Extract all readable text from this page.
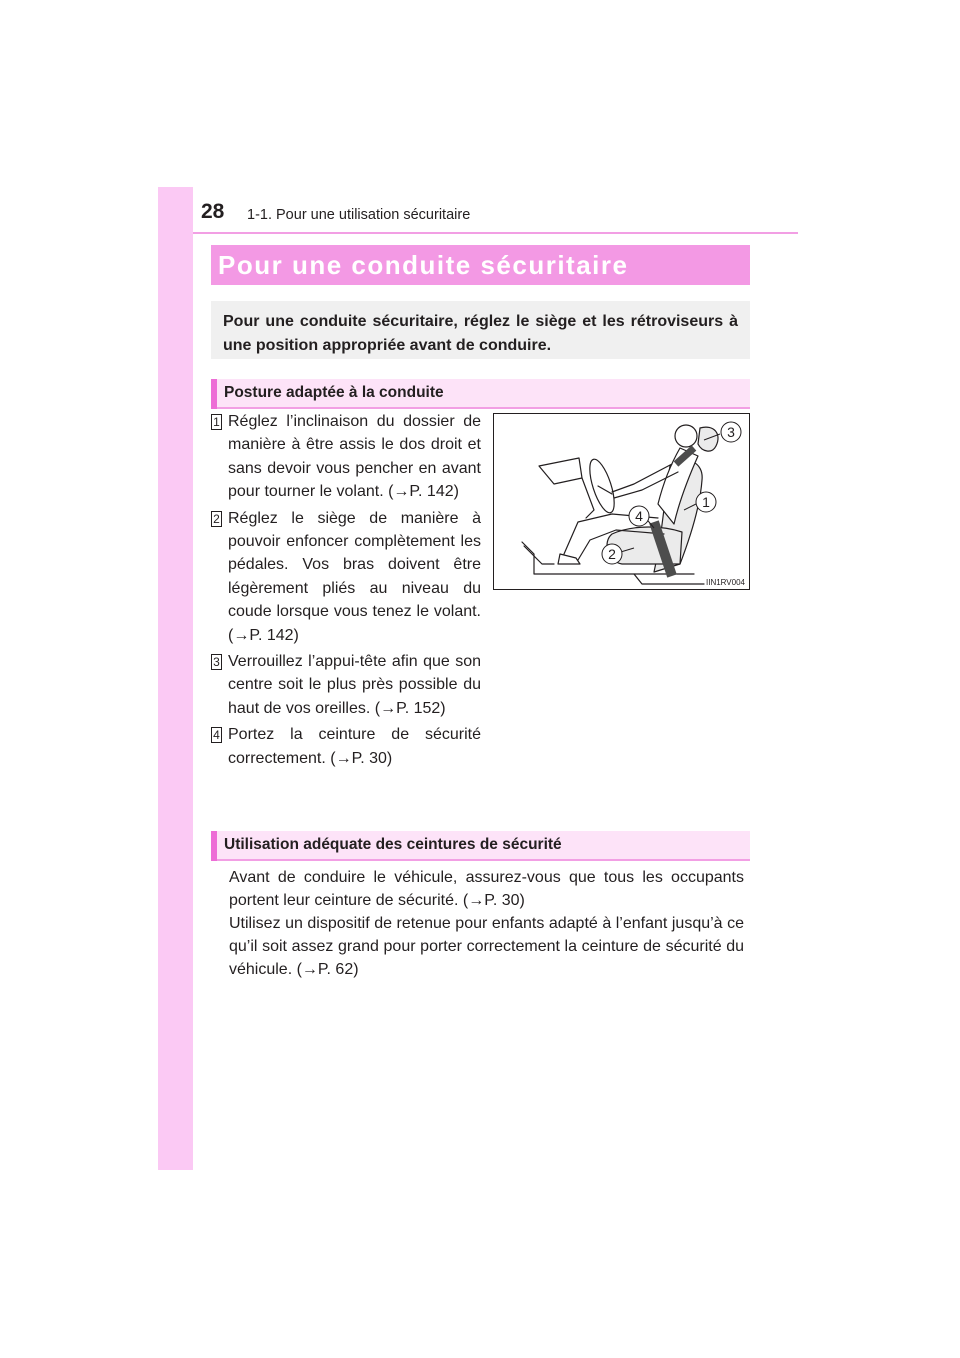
28 1-1. Pour une utilisation sécuritaire
Pour une conduite sécuritaire
Pour une conduite sécuritaire, réglez le siège et les rétroviseurs à une position appropriée avant de conduire.
Posture adaptée à la conduite
1 Réglez l’inclinaison du dossier de manière à être assis le dos droit et sans devoir vous pencher en avant pour tourner le volant. (→P. 142)
2 Réglez le siège de manière à pouvoir enfoncer complètement les pédales. Vos bras doivent être légèrement pliés au niveau du coude lorsque vous tenez le volant. (→P. 142)
3 Verrouillez l’appui-tête afin que son centre soit le plus près possible du haut de vos oreilles. (→P. 152)
4 Portez la ceinture de sécurité correctement. (→P. 30)
3
1
4
2
IIN1RV004
Utilisation adéquate des ceintures de sécurité

Avant de conduire le véhicule, assurez-vous que tous les occupants portent leur ceinture de sécurité. (→P. 30)

Utilisez un dispositif de retenue pour enfants adapté à l’enfant jusqu’à ce qu’il soit assez grand pour porter correctement la ceinture de sécurité du véhicule. (→P. 62)
